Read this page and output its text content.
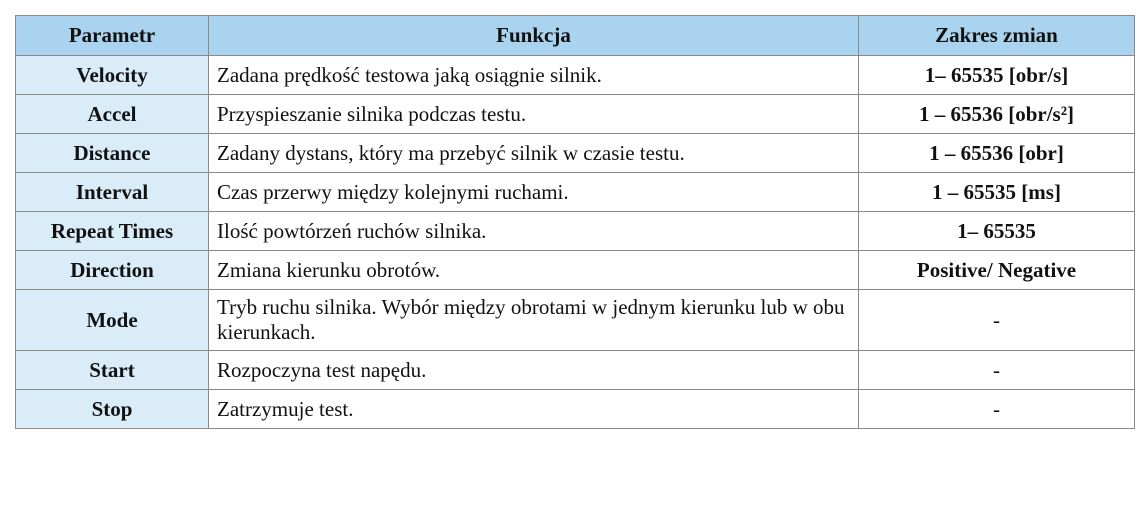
Parametr	Funkcja	Zakres zmian
Velocity	Zadana prędkość testowa jaką osiągnie silnik.	1– 65535 [obr/s]
Accel	Przyspieszanie silnika podczas testu.	1 – 65536 [obr/s²]
Distance	Zadany dystans, który ma przebyć silnik w czasie testu.	1 – 65536 [obr]
Interval	Czas przerwy między kolejnymi ruchami.	1 – 65535 [ms]
Repeat Times	Ilość powtórzeń ruchów silnika.	1– 65535
Direction	Zmiana kierunku obrotów.	Positive/ Negative
Mode	Tryb ruchu silnika. Wybór między obrotami w jednym kierunku lub w obu kierunkach.	-
Start	Rozpoczyna test napędu.	-
Stop	Zatrzymuje test.	-
